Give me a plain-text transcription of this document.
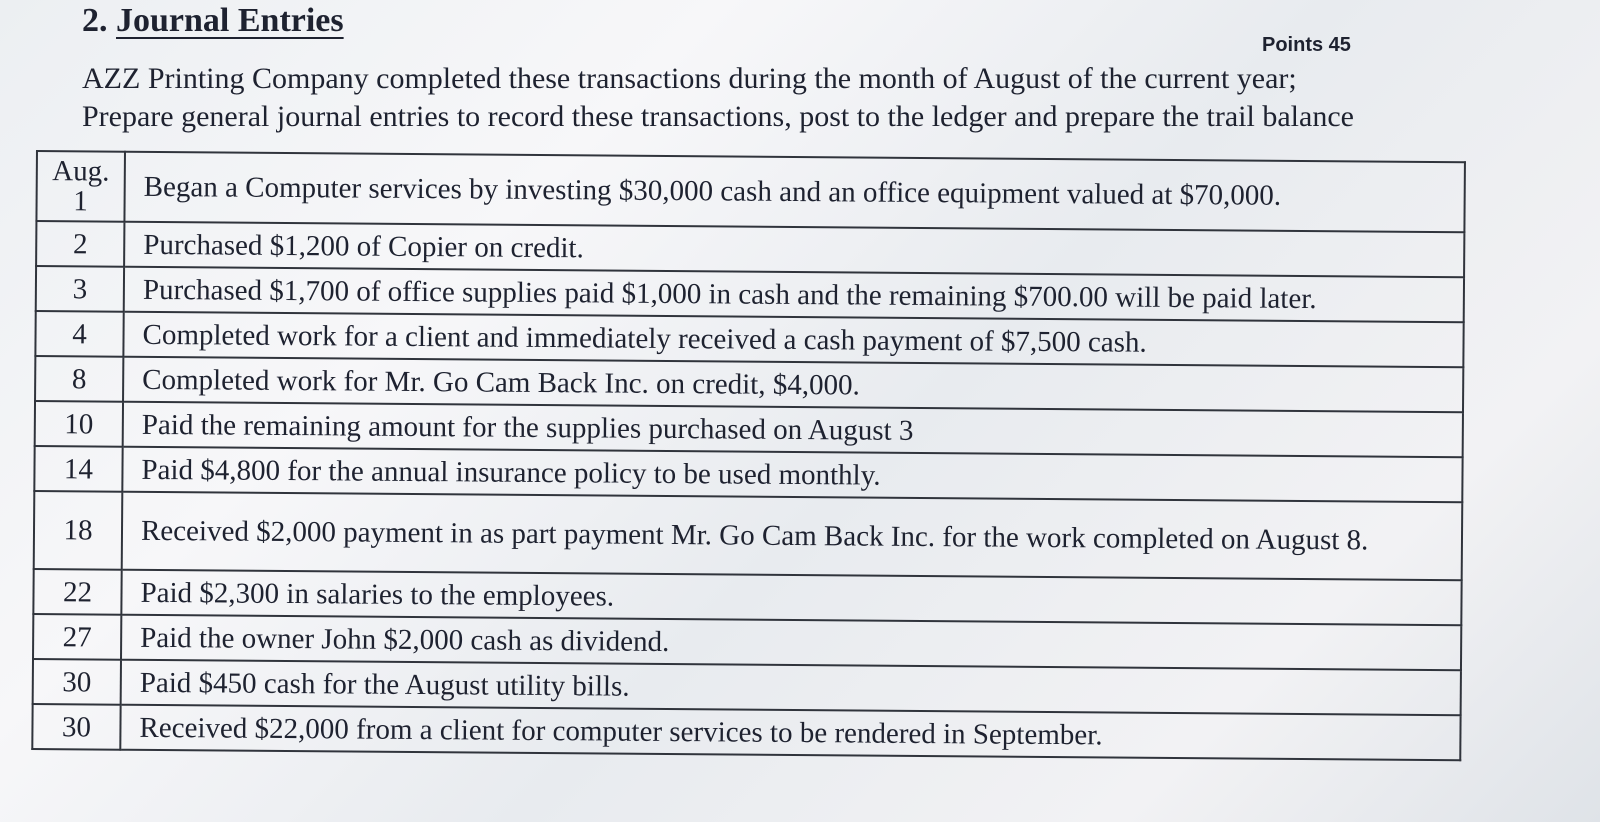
2. Journal Entries
Points 45
AZZ Printing Company completed these transactions during the month of August of the current year;
Prepare general journal entries to record these transactions, post to the ledger and prepare the trail balance
Aug. 1	Began a Computer services by investing $30,000 cash and an office equipment valued at $70,000.
2	Purchased $1,200 of Copier on credit.
3	Purchased $1,700 of office supplies paid $1,000 in cash and the remaining $700.00 will be paid later.
4	Completed work for a client and immediately received a cash payment of $7,500 cash.
8	Completed work for Mr. Go Cam Back Inc. on credit, $4,000.
10	Paid the remaining amount for the supplies purchased on August 3
14	Paid $4,800 for the annual insurance policy to be used monthly.
18	Received $2,000 payment in as part payment Mr. Go Cam Back Inc. for the work completed on August 8.
22	Paid $2,300 in salaries to the employees.
27	Paid the owner John $2,000 cash as dividend.
30	Paid $450 cash for the August utility bills.
30	Received $22,000 from a client for computer services to be rendered in September.
